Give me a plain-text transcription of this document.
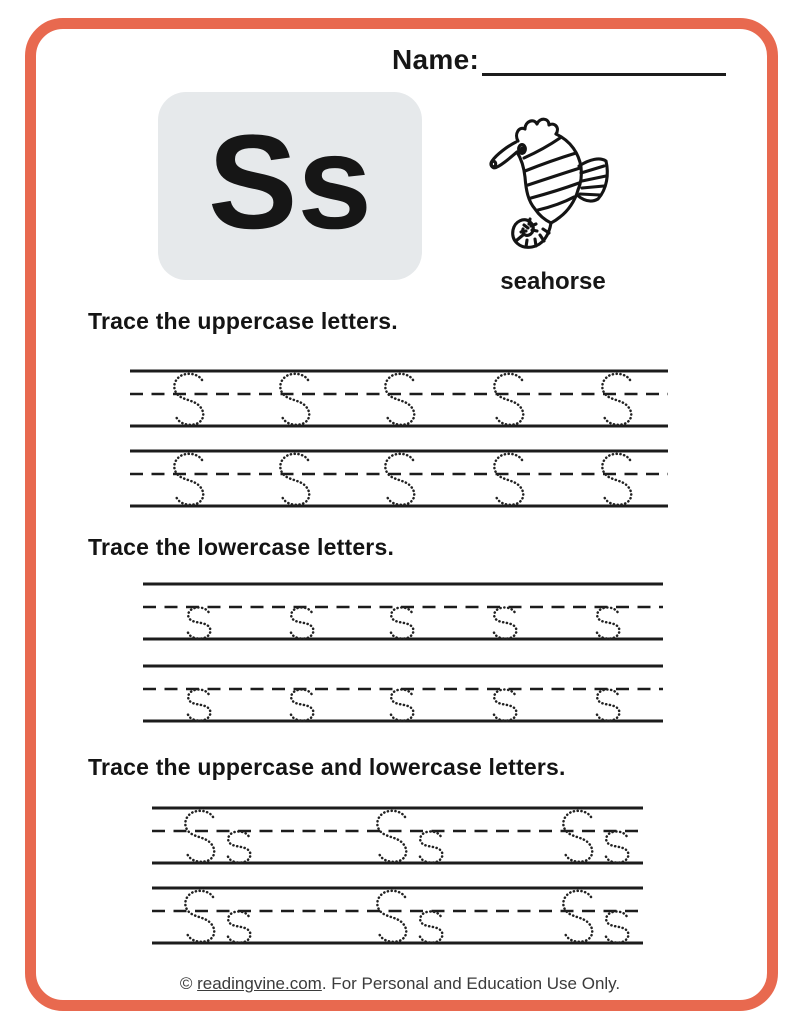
Name:
Ss
seahorse
Trace the uppercase letters.
Trace the lowercase letters.
Trace the uppercase and lowercase letters.
© readingvine.com. For Personal and Education Use Only.
